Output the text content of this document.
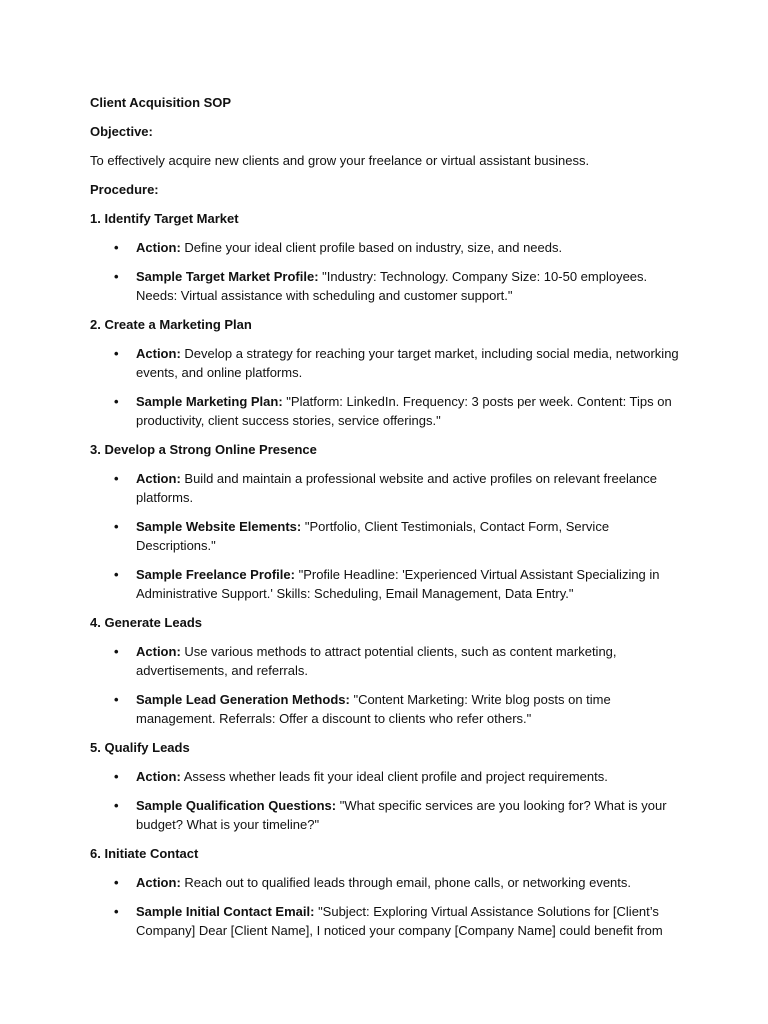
Client Acquisition SOP

Objective:

To effectively acquire new clients and grow your freelance or virtual assistant business.

Procedure:

1. Identify Target Market

• Action: Define your ideal client profile based on industry, size, and needs.
• Sample Target Market Profile: "Industry: Technology. Company Size: 10-50 employees. Needs: Virtual assistance with scheduling and customer support."

2. Create a Marketing Plan

• Action: Develop a strategy for reaching your target market, including social media, networking events, and online platforms.
• Sample Marketing Plan: "Platform: LinkedIn. Frequency: 3 posts per week. Content: Tips on productivity, client success stories, service offerings."

3. Develop a Strong Online Presence

• Action: Build and maintain a professional website and active profiles on relevant freelance platforms.
• Sample Website Elements: "Portfolio, Client Testimonials, Contact Form, Service Descriptions."
• Sample Freelance Profile: "Profile Headline: 'Experienced Virtual Assistant Specializing in Administrative Support.' Skills: Scheduling, Email Management, Data Entry."

4. Generate Leads

• Action: Use various methods to attract potential clients, such as content marketing, advertisements, and referrals.
• Sample Lead Generation Methods: "Content Marketing: Write blog posts on time management. Referrals: Offer a discount to clients who refer others."

5. Qualify Leads

• Action: Assess whether leads fit your ideal client profile and project requirements.
• Sample Qualification Questions: "What specific services are you looking for? What is your budget? What is your timeline?"

6. Initiate Contact

• Action: Reach out to qualified leads through email, phone calls, or networking events.
• Sample Initial Contact Email: "Subject: Exploring Virtual Assistance Solutions for [Client’s Company] Dear [Client Name], I noticed your company [Company Name] could benefit from
